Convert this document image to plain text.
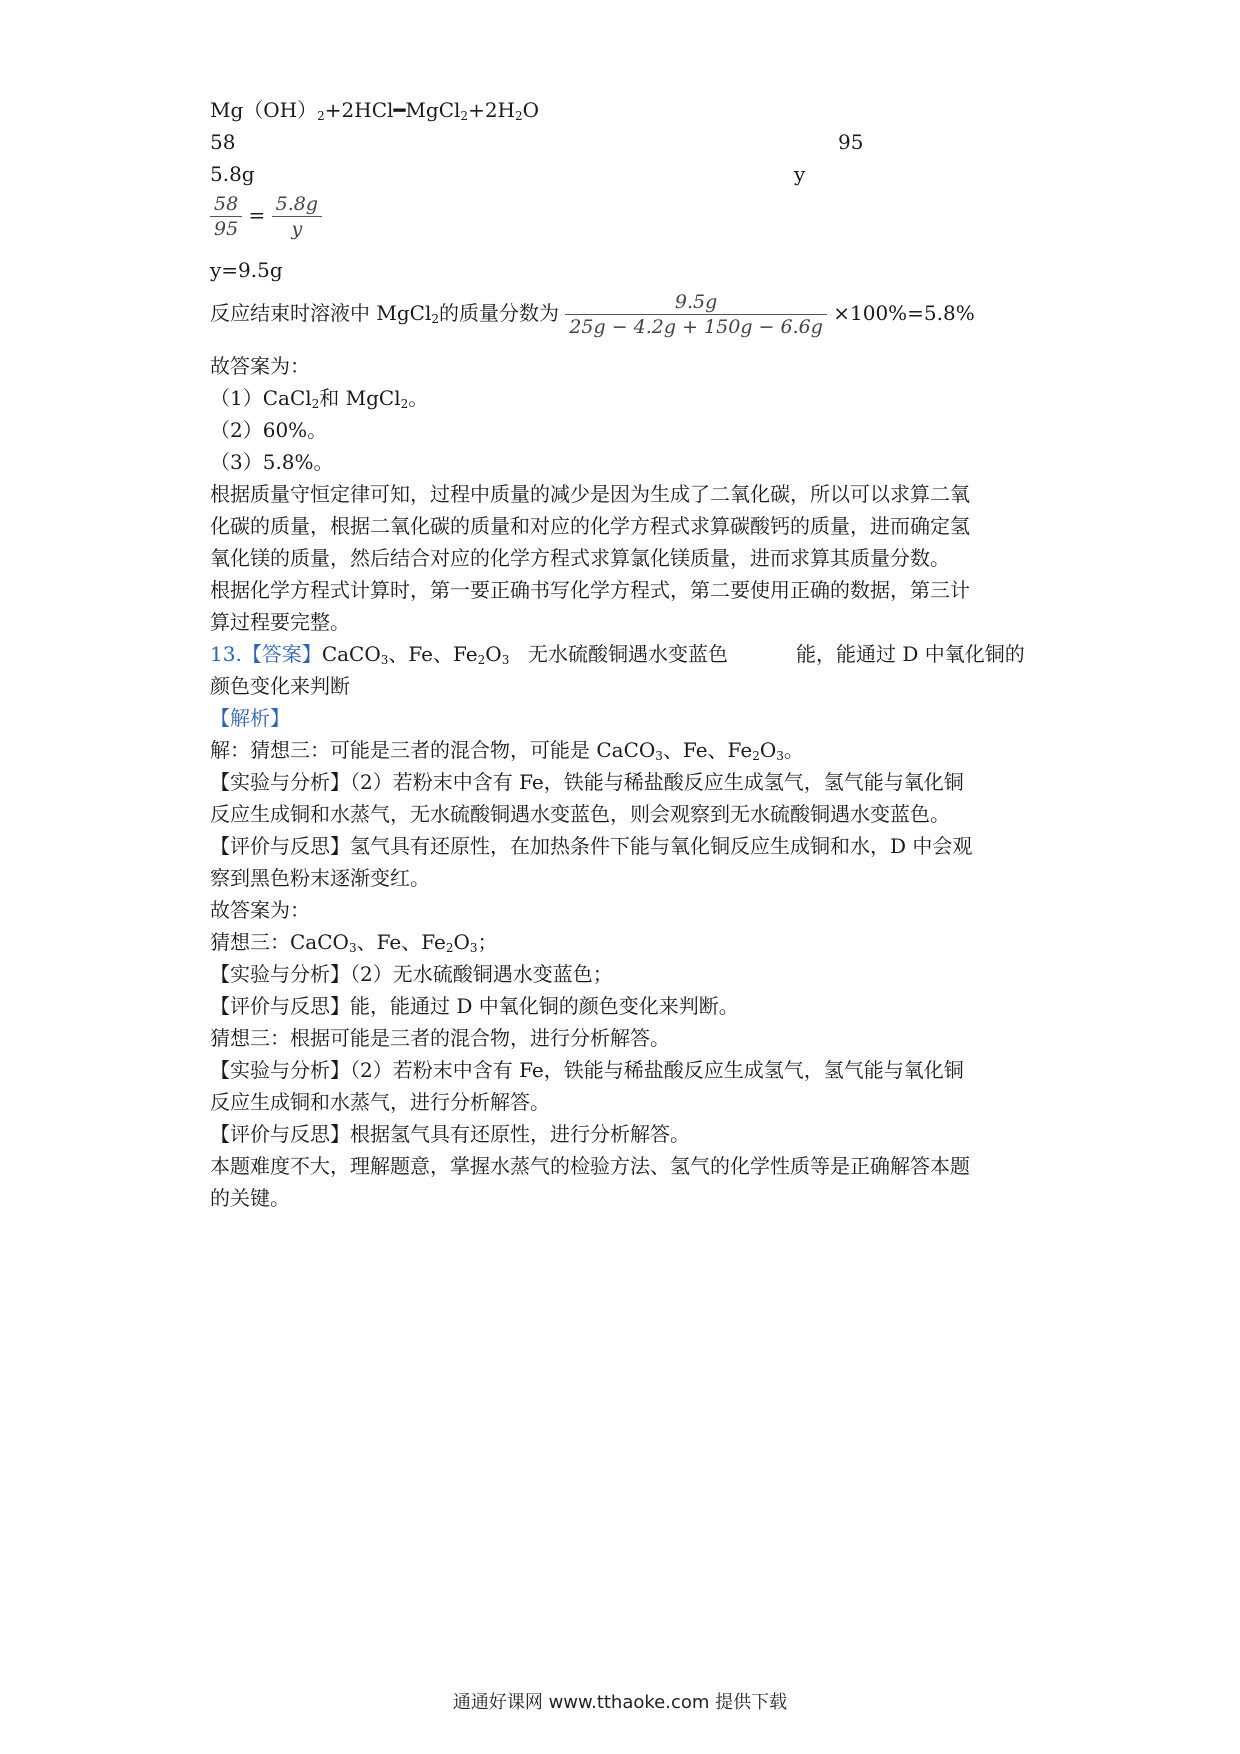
$Mg(OH)_2+2HCl━MgCl_2+2H_2O$
58	95
5.8g	y
$\frac{58}{95} = \frac{5.8g}{y}$
y=9.5g
反应结束时溶液中 MgCl$_2$的质量分数为 $\frac{9.5g}{25g - 4.2g + 150g - 6.6g} \times 100\%=5.8\%$
故答案为：
（1）CaCl$_2$和 MgCl$_2$。
（2）60%。
（3）5.8%。
根据质量守恒定律可知，过程中质量的减少是因为生成了二氧化碳，所以可以求算二氧
化碳的质量，根据二氧化碳的质量和对应的化学方程式求算碳酸钙的质量，进而确定氢
氧化镁的质量，然后结合对应的化学方程式求算氯化镁质量，进而求算其质量分数。
根据化学方程式计算时，第一要正确书写化学方程式，第二要使用正确的数据，第三计
算过程要完整。
13.【答案】CaCO$_3$、Fe、$Fe_2O_3$ 无水硫酸铜遇水变蓝色	能，能通过 D 中氧化铜的
颜色变化来判断
【解析】
解：猜想三：可能是三者的混合物，可能是 CaCO$_3$、Fe、$Fe_2O_3$。
【实验与分析】（2）若粉末中含有 Fe，铁能与稀盐酸反应生成氢气，氢气能与氧化铜
反应生成铜和水蒸气，无水硫酸铜遇水变蓝色，则会观察到无水硫酸铜遇水变蓝色。
【评价与反思】氢气具有还原性，在加热条件下能与氧化铜反应生成铜和水，D 中会观
察到黑色粉末逐渐变红。
故答案为：
猜想三：CaCO$_3$、Fe、$Fe_2O_3$；
【实验与分析】（2）无水硫酸铜遇水变蓝色；
【评价与反思】能，能通过 D 中氧化铜的颜色变化来判断。
猜想三：根据可能是三者的混合物，进行分析解答。
【实验与分析】（2）若粉末中含有 Fe，铁能与稀盐酸反应生成氢气，氢气能与氧化铜
反应生成铜和水蒸气，进行分析解答。
【评价与反思】根据氢气具有还原性，进行分析解答。
本题难度不大，理解题意，掌握水蒸气的检验方法、氢气的化学性质等是正确解答本题
的关键。
通通好课网 www.tthaoke.com 提供下载
